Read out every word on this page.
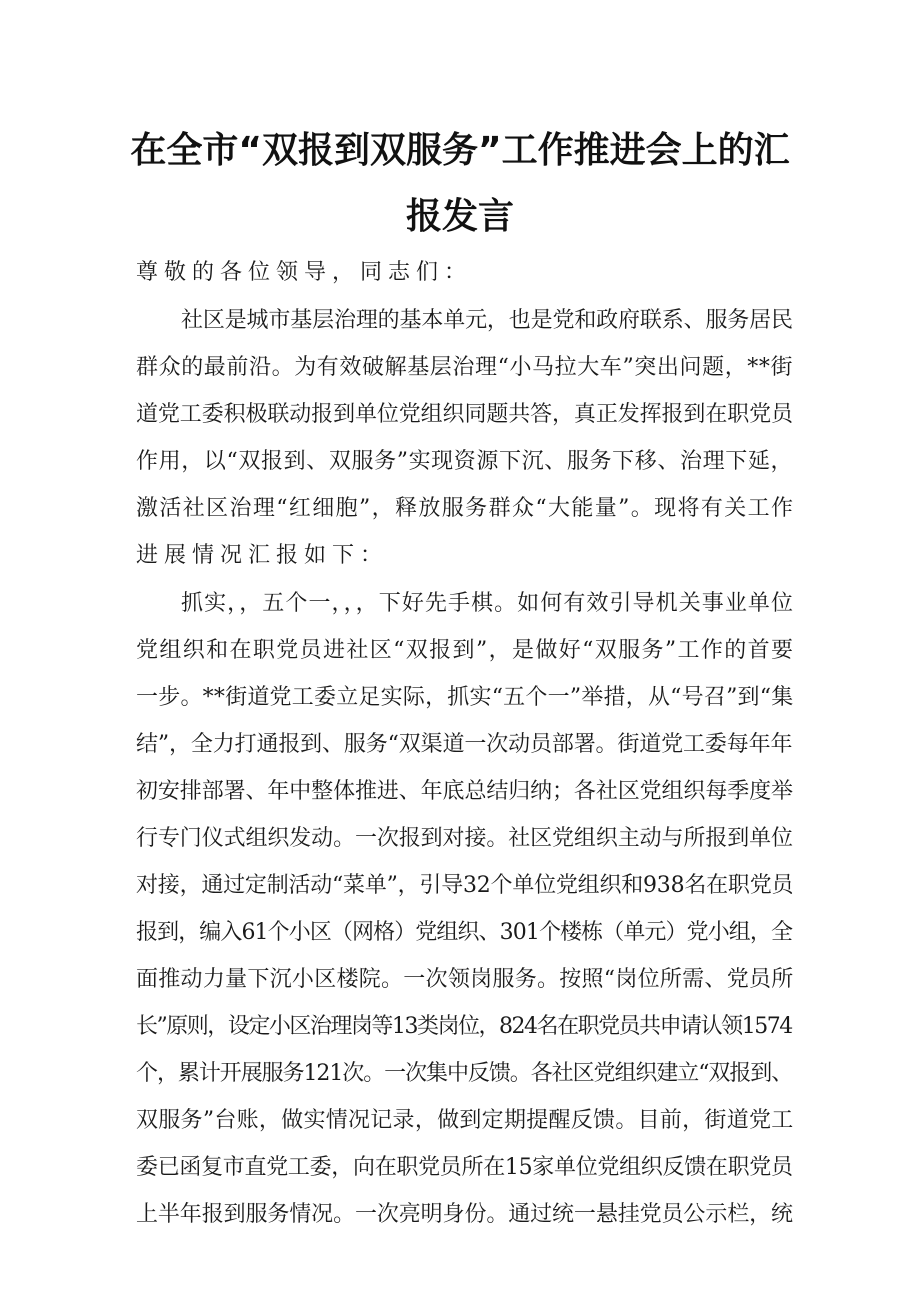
在全市“双报到双服务”工作推进会上的汇
报发言

尊敬的各位领导，同志们：

社区是城市基层治理的基本单元，也是党和政府联系、服务居民

群众的最前沿。为有效破解基层治理“小马拉大车”突出问题，**街

道党工委积极联动报到单位党组织同题共答，真正发挥报到在职党员

作用，以“双报到、双服务”实现资源下沉、服务下移、治理下延，

激活社区治理“红细胞”，释放服务群众“大能量”。现将有关工作

进展情况汇报如下：

抓实，，五个一，，，下好先手棋。如何有效引导机关事业单位

党组织和在职党员进社区“双报到”，是做好“双服务”工作的首要

一步。**街道党工委立足实际，抓实“五个一”举措，从“号召”到“集

结”，全力打通报到、服务“双渠道一次动员部署。街道党工委每年年

初安排部署、年中整体推进、年底总结归纳；各社区党组织每季度举

行专门仪式组织发动。一次报到对接。社区党组织主动与所报到单位

对接，通过定制活动“菜单”，引导32个单位党组织和938名在职党员

报到，编入61个小区（网格）党组织、301个楼栋（单元）党小组，全

面推动力量下沉小区楼院。一次领岗服务。按照“岗位所需、党员所

长”原则，设定小区治理岗等13类岗位，824名在职党员共申请认领1574

个，累计开展服务121次。一次集中反馈。各社区党组织建立“双报到、

双服务”台账，做实情况记录，做到定期提醒反馈。目前，街道党工

委已函复市直党工委，向在职党员所在15家单位党组织反馈在职党员

上半年报到服务情况。一次亮明身份。通过统一悬挂党员公示栏，统
